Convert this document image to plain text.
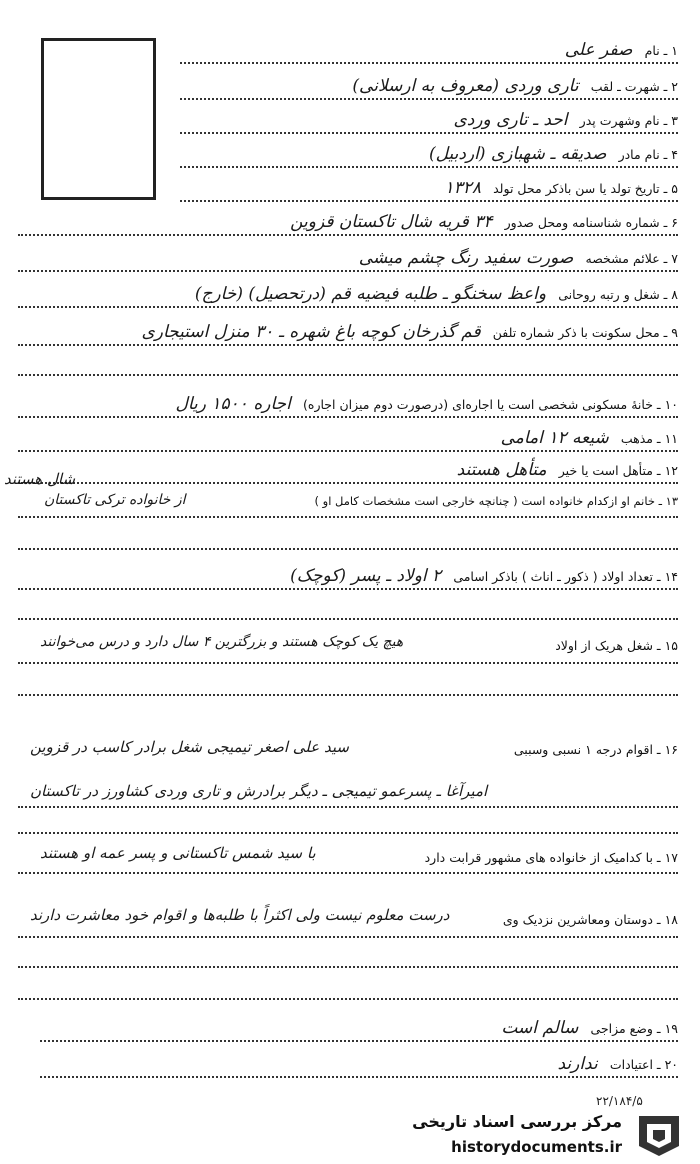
۱ ـ نام صفر علی
۲ ـ شهرت ـ لقب تاری وردی (معروف به ارسلانی)
۳ ـ نام وشهرت پدر احد ـ تاری وردی
۴ ـ نام مادر صدیقه ـ شهبازی (اردبیل)
۵ ـ تاریخ تولد یا سن باذکر محل تولد ۱۳۲۸
۶ ـ شماره شناسنامه ومحل صدور ۳۴ قریه شال تاکستان قزوین
۷ ـ علائم مشخصه صورت سفید رنگ چشم میشی
۸ ـ شغل و رتبه روحانی واعظ سخنگو ـ طلبه فیضیه قم (درتحصیل) (خارج)
۹ ـ محل سکونت با ذکر شماره تلفن قم گذرخان کوچه باغ شهره ـ ۳۰ منزل استیجاری
۱۰ ـ خانهٔ مسکونی شخصی است یا اجاره‌ای (درصورت دوم میزان اجاره) اجاره ۱۵۰۰ ریال
۱۱ ـ مذهب شیعه ۱۲ امامی
۱۲ ـ متأهل است یا خیر متأهل هستند
۱۳ ـ خانم او ازکدام خانواده است ( چنانچه خارجی است مشخصات کامل او )
از خانواده ترکی تاکستان
شال هستند
۱۴ ـ تعداد اولاد ( ذکور ـ اناث ) باذکر اسامی ۲ اولاد ـ پسر (کوچک)
۱۵ ـ شغل هریک از اولاد
هیچ یک کوچک هستند و بزرگترین ۴ سال دارد و درس می‌خوانند
۱۶ ـ اقوام درجه ۱ نسبی وسببی
سید علی اصغر تیمیجی شغل برادر کاسب در قزوین
امیرآغا ـ پسرعمو تیمیجی ـ دیگر برادرش و تاری وردی کشاورز در تاکستان
۱۷ ـ با کدامیک از خانواده های مشهور قرابت دارد
با سید شمس تاکستانی و پسر عمه او هستند
۱۸ ـ دوستان ومعاشرین نزدیک وی
درست معلوم نیست ولی اکثراً با طلبه‌ها و اقوام خود معاشرت دارند
۱۹ ـ وضع مزاجی سالم است
۲۰ ـ اعتیادات ندارند
۲۲/۱۸۴/۵
مرکز بررسی اسناد تاریخی
historydocuments.ir
